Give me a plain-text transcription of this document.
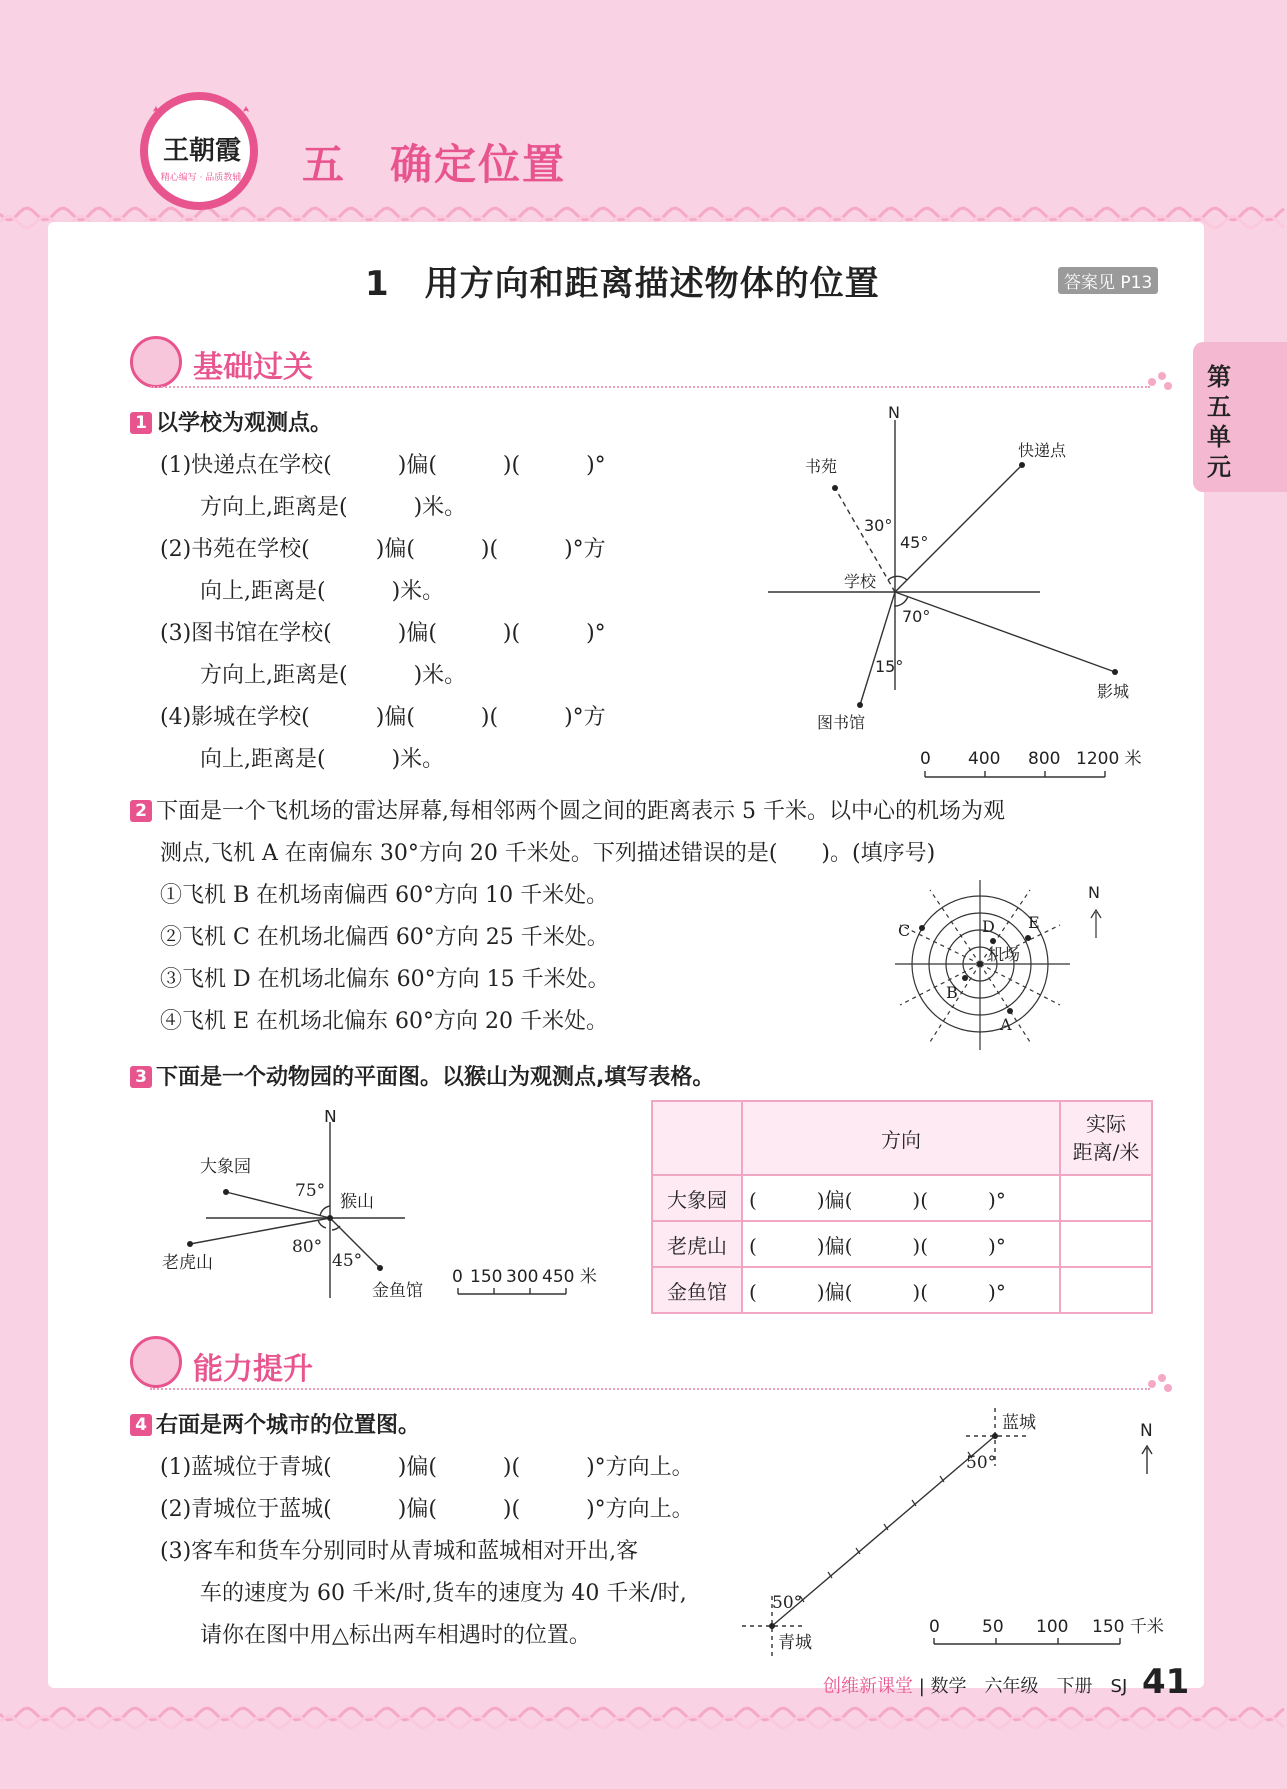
王朝霞
精心编写 · 品质教辅 五　确定位置
第五单元
1　用方向和距离描述物体的位置	答案见 P13
基础过关
1 以学校为观测点。
(1)快递点在学校(　　　)偏(　　　)(　　　)°
方向上,距离是(　　　)米。
(2)书苑在学校(　　　)偏(　　　)(　　　)°方
向上,距离是(　　　)米。
(3)图书馆在学校(　　　)偏(　　　)(　　　)°
方向上,距离是(　　　)米。
(4)影城在学校(　　　)偏(　　　)(　　　)°方
向上,距离是(　　　)米。
N
学校
快递点
书苑
图书馆
影城
30°
45°
70°
15°
0 400 800 1200 米
2 下面是一个飞机场的雷达屏幕,每相邻两个圆之间的距离表示 5 千米。以中心的机场为观
测点,飞机 A 在南偏东 30°方向 20 千米处。下列描述错误的是(　　)。(填序号)
①飞机 B 在机场南偏西 60°方向 10 千米处。
②飞机 C 在机场北偏西 60°方向 25 千米处。
③飞机 D 在机场北偏东 60°方向 15 千米处。
④飞机 E 在机场北偏东 60°方向 20 千米处。
N
机场
A
B
C	D E
3 下面是一个动物园的平面图。以猴山为观测点,填写表格。
N
猴山
大象园
老虎山
金鱼馆
75°
80°
45°
0 150 300 450 米
	方向	实际
距离/米
大象园	(　　　)偏(　　　)(　　　)°	
老虎山	(　　　)偏(　　　)(　　　)°	
金鱼馆	(　　　)偏(　　　)(　　　)°	
能力提升
4 右面是两个城市的位置图。
(1)蓝城位于青城(　　　)偏(　　　)(　　　)°方向上。
(2)青城位于蓝城(　　　)偏(　　　)(　　　)°方向上。
(3)客车和货车分别同时从青城和蓝城相对开出,客
车的速度为 60 千米/时,货车的速度为 40 千米/时,
请你在图中用△标出两车相遇时的位置。
N
蓝城
青城
50°
50°
0 50 100 150 千米
创维新课堂 | 数学　六年级　下册　SJ 41
